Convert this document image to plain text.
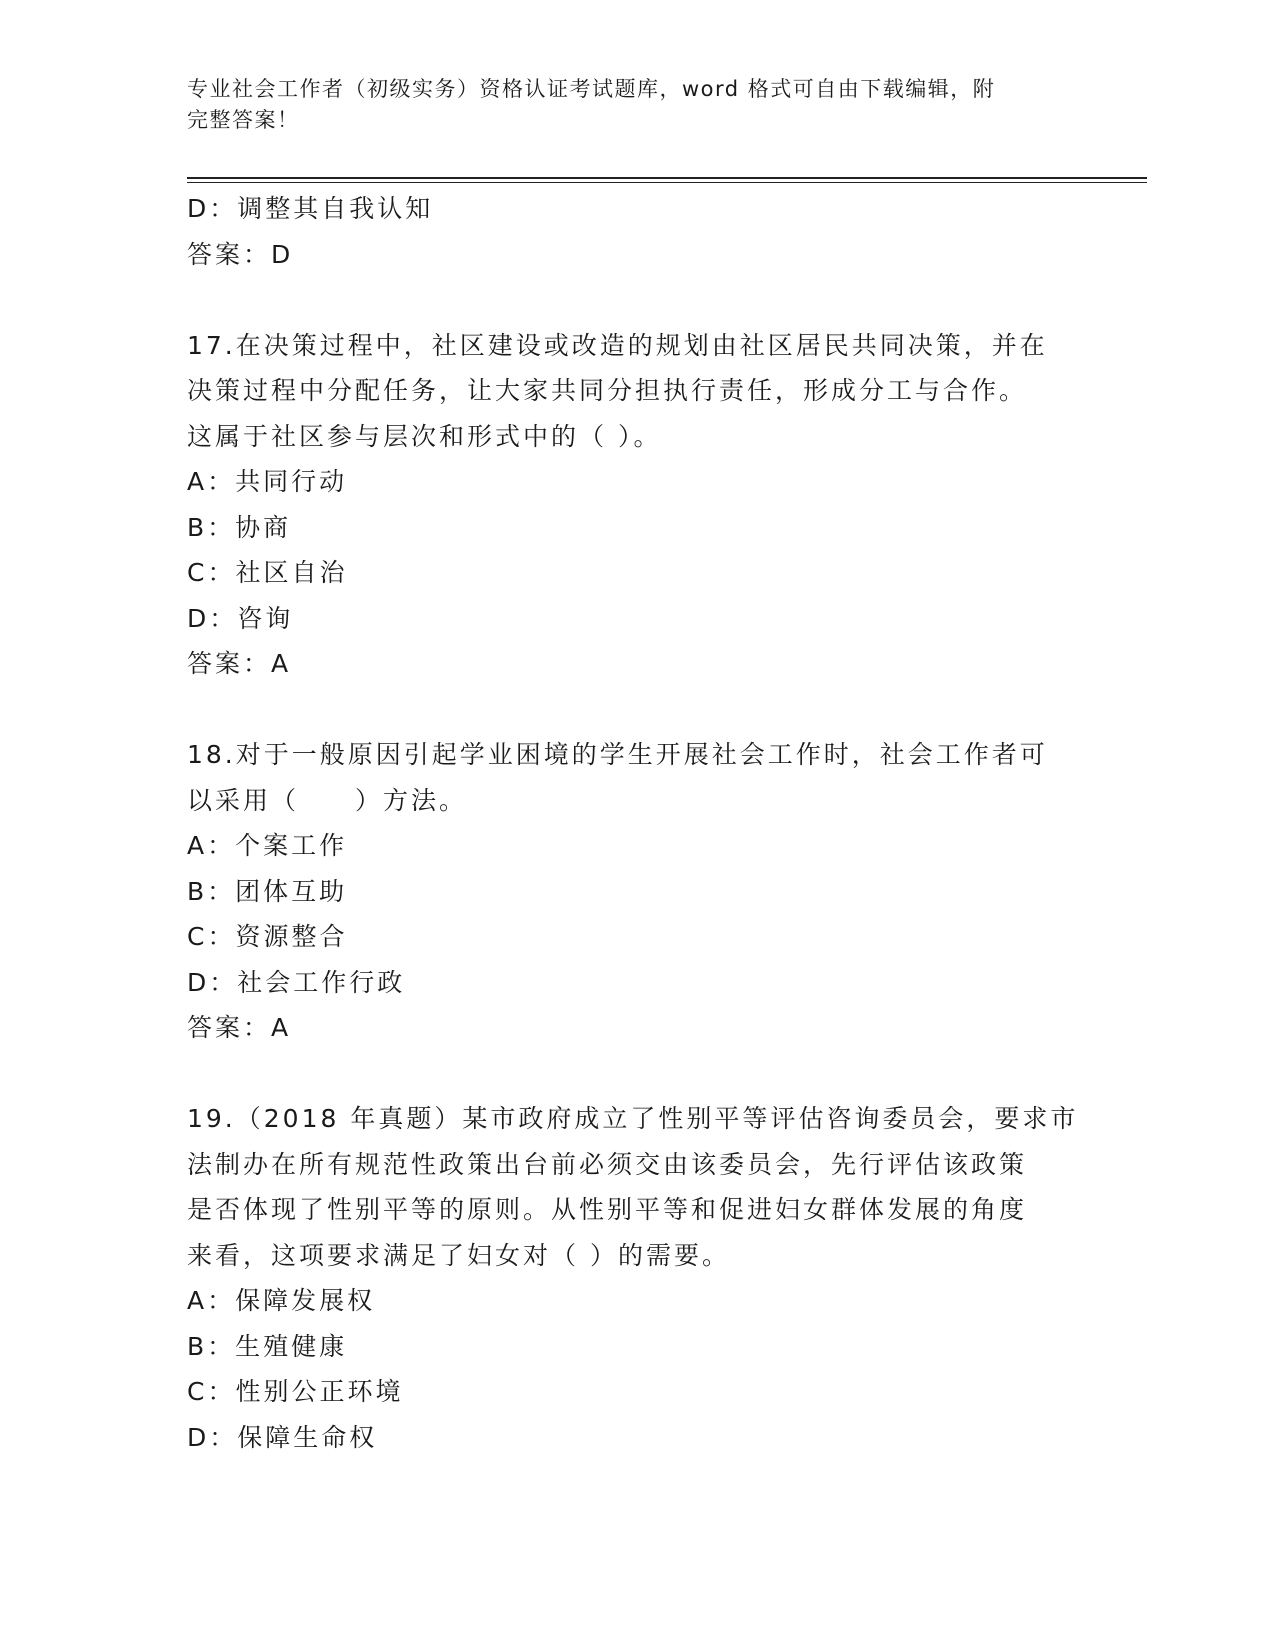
专业社会工作者（初级实务）资格认证考试题库，word 格式可自由下载编辑，附
完整答案！
D：调整其自我认知
答案：D
17.在决策过程中，社区建设或改造的规划由社区居民共同决策，并在
决策过程中分配任务，让大家共同分担执行责任，形成分工与合作。
这属于社区参与层次和形式中的（ ）。
A：共同行动
B：协商
C：社区自治
D：咨询
答案：A
18.对于一般原因引起学业困境的学生开展社会工作时，社会工作者可
以采用（　　）方法。
A：个案工作
B：团体互助
C：资源整合
D：社会工作行政
答案：A
19.（2018 年真题）某市政府成立了性别平等评估咨询委员会，要求市
法制办在所有规范性政策出台前必须交由该委员会，先行评估该政策
是否体现了性别平等的原则。从性别平等和促进妇女群体发展的角度
来看，这项要求满足了妇女对（ ）的需要。
A：保障发展权
B：生殖健康
C：性别公正环境
D：保障生命权
